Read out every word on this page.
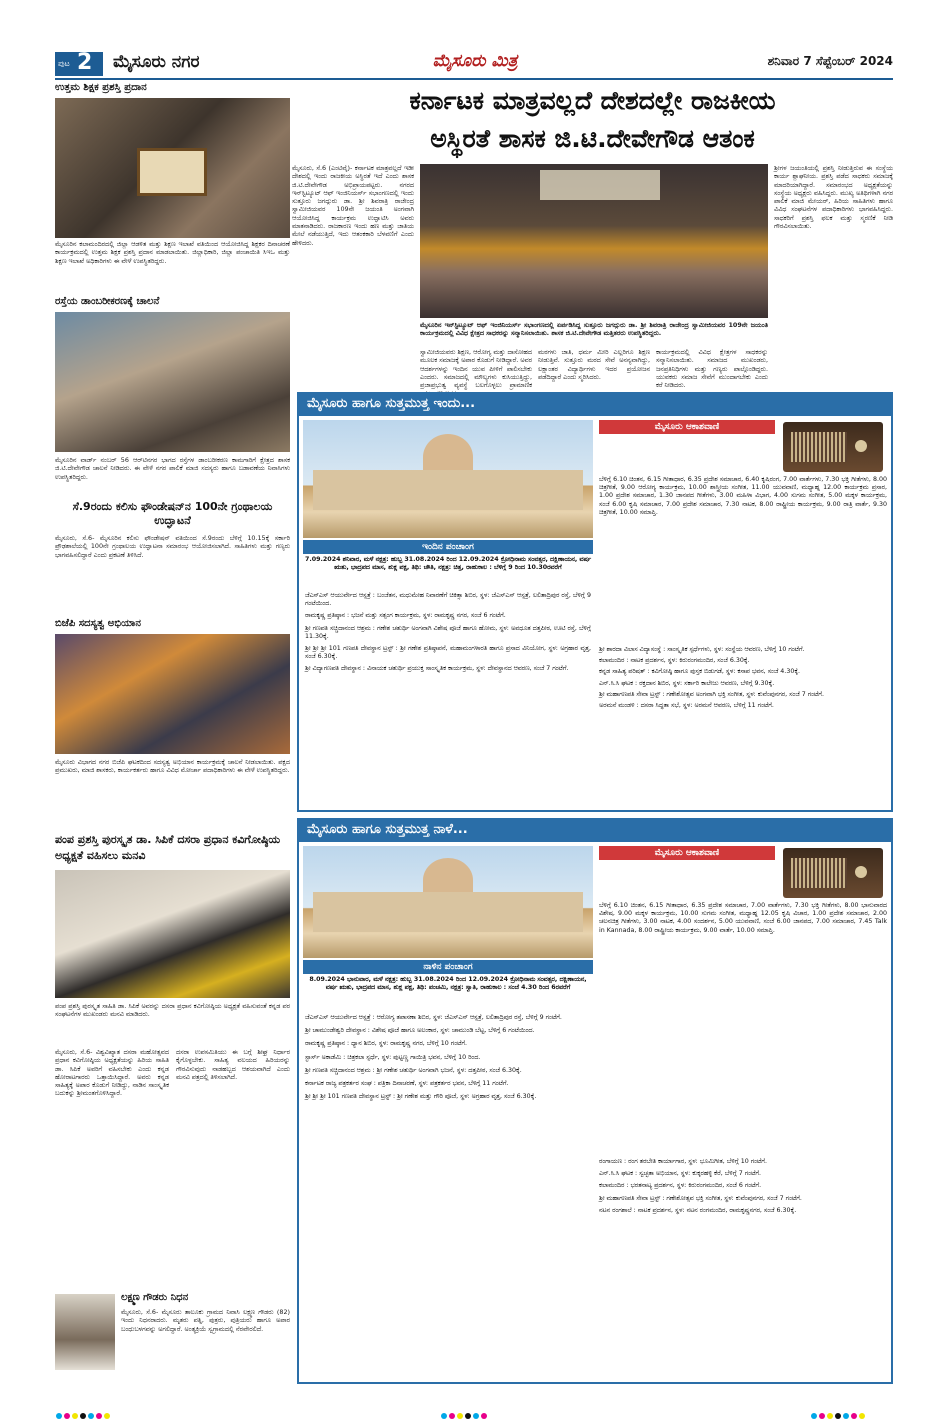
ಪುಟ 2 ಮೈಸೂರು ನಗರ	ಮೈಸೂರು ಮಿತ್ರ	ಶನಿವಾರ 7 ಸೆಪ್ಟೆಂಬರ್ 2024
ಉತ್ತಮ ಶಿಕ್ಷಕ ಪ್ರಶಸ್ತಿ ಪ್ರದಾನ
ಮೈಸೂರಿನ ಕಲಾಮಂದಿರದಲ್ಲಿ ಜಿಲ್ಲಾ ಆಡಳಿತ ಮತ್ತು ಶಿಕ್ಷಣ ಇಲಾಖೆ ವತಿಯಿಂದ ಆಯೋಜಿಸಿದ್ದ ಶಿಕ್ಷಕರ ದಿನಾಚರಣೆ ಕಾರ್ಯಕ್ರಮದಲ್ಲಿ ಉತ್ತಮ ಶಿಕ್ಷಕ ಪ್ರಶಸ್ತಿ ಪ್ರದಾನ ಮಾಡಲಾಯಿತು. ಜಿಲ್ಲಾಧಿಕಾರಿ, ಜಿಲ್ಲಾ ಪಂಚಾಯಿತಿ ಸಿಇಒ ಮತ್ತು ಶಿಕ್ಷಣ ಇಲಾಖೆ ಅಧಿಕಾರಿಗಳು ಈ ವೇಳೆ ಉಪಸ್ಥಿತರಿದ್ದರು.
ರಸ್ತೆಯ ಡಾಂಬರೀಕರಣಕ್ಕೆ ಚಾಲನೆ
ಮೈಸೂರಿನ ವಾರ್ಡ್ ನಂಬರ್ 56 ಆರ್‌ಟಿನಗರ ಭಾಗದ ರಸ್ತೆಗಳ ಡಾಂಬರೀಕರಣ ಕಾಮಗಾರಿಗೆ ಕ್ಷೇತ್ರದ ಶಾಸಕ ಜಿ.ಟಿ.ದೇವೇಗೌಡ ಚಾಲನೆ ನೀಡಿದರು. ಈ ವೇಳೆ ನಗರ ಪಾಲಿಕೆ ಮಾಜಿ ಸದಸ್ಯರು ಹಾಗೂ ಬಡಾವಣೆಯ ನಿವಾಸಿಗಳು ಉಪಸ್ಥಿತರಿದ್ದರು.
ಸೆ.9ರಂದು ಕಲಿಸು ಫೌಂಡೇಷನ್‌ನ 100ನೇ ಗ್ರಂಥಾಲಯ ಉದ್ಘಾಟನೆ
ಮೈಸೂರು, ಸೆ.6- ಮೈಸೂರಿನ ಕಲಿಸು ಫೌಂಡೇಷನ್ ವತಿಯಿಂದ ಸೆ.9ರಂದು ಬೆಳಿಗ್ಗೆ 10.15ಕ್ಕೆ ಸರ್ಕಾರಿ ಪ್ರೌಢಶಾಲೆಯಲ್ಲಿ 100ನೇ ಗ್ರಂಥಾಲಯ ಉದ್ಘಾಟನಾ ಸಮಾರಂಭ ಆಯೋಜಿಸಲಾಗಿದೆ. ಸಾಹಿತಿಗಳು ಮತ್ತು ಗಣ್ಯರು ಭಾಗವಹಿಸಲಿದ್ದಾರೆ ಎಂದು ಪ್ರಕಟಣೆ ತಿಳಿಸಿದೆ.
ಬಿಜೆಪಿ ಸದಸ್ಯತ್ವ ಅಭಿಯಾನ
ಮೈಸೂರು ವಿಭಾಗದ ನಗರ ಬಿಜೆಪಿ ಘಟಕದಿಂದ ಸದಸ್ಯತ್ವ ಅಭಿಯಾನ ಕಾರ್ಯಕ್ರಮಕ್ಕೆ ಚಾಲನೆ ನೀಡಲಾಯಿತು. ಪಕ್ಷದ ಪ್ರಮುಖರು, ಮಾಜಿ ಶಾಸಕರು, ಕಾರ್ಯಕರ್ತರು ಹಾಗೂ ವಿವಿಧ ಮೋರ್ಚಾ ಪದಾಧಿಕಾರಿಗಳು ಈ ವೇಳೆ ಉಪಸ್ಥಿತರಿದ್ದರು.
ಪಂಪ ಪ್ರಶಸ್ತಿ ಪುರಸ್ಕೃತ ಡಾ. ಸಿಪಿಕೆ ದಸರಾ ಪ್ರಧಾನ ಕವಿಗೋಷ್ಠಿಯ ಅಧ್ಯಕ್ಷತೆ ವಹಿಸಲು ಮನವಿ
ಪಂಪ ಪ್ರಶಸ್ತಿ ಪುರಸ್ಕೃತ ಸಾಹಿತಿ ಡಾ. ಸಿಪಿಕೆ ಅವರನ್ನು ದಸರಾ ಪ್ರಧಾನ ಕವಿಗೋಷ್ಠಿಯ ಅಧ್ಯಕ್ಷತೆ ವಹಿಸುವಂತೆ ಕನ್ನಡ ಪರ ಸಂಘಟನೆಗಳ ಮುಖಂಡರು ಮನವಿ ಮಾಡಿದರು.
ಮೈಸೂರು, ಸೆ.6- ವಿಶ್ವವಿಖ್ಯಾತ ದಸರಾ ಮಹೋತ್ಸವದ ಪ್ರಧಾನ ಕವಿಗೋಷ್ಠಿಯ ಅಧ್ಯಕ್ಷತೆಯನ್ನು ಹಿರಿಯ ಸಾಹಿತಿ ಡಾ. ಸಿಪಿಕೆ ಅವರಿಗೆ ವಹಿಸಬೇಕು ಎಂದು ಕನ್ನಡ ಹೋರಾಟಗಾರರು ಒತ್ತಾಯಿಸಿದ್ದಾರೆ. ಅವರು ಕನ್ನಡ ಸಾಹಿತ್ಯಕ್ಕೆ ಅಪಾರ ಕೊಡುಗೆ ನೀಡಿದ್ದು, ನಾಡಿನ ಸಾಂಸ್ಕೃತಿಕ ಬದುಕನ್ನು ಶ್ರೀಮಂತಗೊಳಿಸಿದ್ದಾರೆ.
ದಸರಾ ಉಪಸಮಿತಿಯು ಈ ಬಗ್ಗೆ ಶೀಘ್ರ ನಿರ್ಧಾರ ಕೈಗೊಳ್ಳಬೇಕು. ಸಾಹಿತ್ಯ ವಲಯದ ಹಿರಿಯರನ್ನು ಗೌರವಿಸುವುದು ನಾಡಹಬ್ಬದ ಆಶಯವಾಗಿದೆ ಎಂದು ಮನವಿ ಪತ್ರದಲ್ಲಿ ತಿಳಿಸಲಾಗಿದೆ.
ಲಕ್ಷ್ಮಣ ಗೌಡರು ನಿಧನ
ಮೈಸೂರು, ಸೆ.6- ಮೈಸೂರು ತಾಲೂಕು ಗ್ರಾಮದ ನಿವಾಸಿ ಲಕ್ಷ್ಮಣ ಗೌಡರು (82) ಇಂದು ನಿಧನರಾದರು. ಮೃತರು ಪತ್ನಿ, ಪುತ್ರರು, ಪುತ್ರಿಯರು ಹಾಗೂ ಅಪಾರ ಬಂಧುಬಳಗವನ್ನು ಅಗಲಿದ್ದಾರೆ. ಅಂತ್ಯಕ್ರಿಯೆ ಸ್ವಗ್ರಾಮದಲ್ಲಿ ನೆರವೇರಲಿದೆ.
ಕರ್ನಾಟಕ ಮಾತ್ರವಲ್ಲದೆ ದೇಶದಲ್ಲೇ ರಾಜಕೀಯ
ಅಸ್ಥಿರತೆ ಶಾಸಕ ಜಿ.ಟಿ.ದೇವೇಗೌಡ ಆತಂಕ
ಮೈಸೂರು, ಸೆ.6 (ಎಂಟಿವೈ)- ಕರ್ನಾಟಕ ಮಾತ್ರವಲ್ಲದೆ ಇಡೀ ದೇಶದಲ್ಲಿ ಇಂದು ರಾಜಕೀಯ ಅಸ್ಥಿರತೆ ಇದೆ ಎಂದು ಶಾಸಕ ಜಿ.ಟಿ.ದೇವೇಗೌಡ ಅಭಿಪ್ರಾಯಪಟ್ಟರು. ನಗರದ ಇನ್‌ಸ್ಟಿಟ್ಯೂಟ್ ಆಫ್ ಇಂಜಿನಿಯರ್ಸ್ ಸಭಾಂಗಣದಲ್ಲಿ ಇಂದು ಸುತ್ತೂರು ಜಗದ್ಗುರು ಡಾ. ಶ್ರೀ ಶಿವರಾತ್ರಿ ರಾಜೇಂದ್ರ ಸ್ವಾಮೀಜಿಯವರ 109ನೇ ಜಯಂತಿ ಅಂಗವಾಗಿ ಆಯೋಜಿಸಿದ್ದ ಕಾರ್ಯಕ್ರಮ ಉದ್ಘಾಟಿಸಿ ಅವರು ಮಾತನಾಡಿದರು. ರಾಜಕಾರಣ ಇಂದು ಹಣ ಮತ್ತು ಜಾತಿಯ ಮೇಲೆ ನಡೆಯುತ್ತಿದೆ, ಇದು ಆತಂಕಕಾರಿ ಬೆಳವಣಿಗೆ ಎಂದು ಹೇಳಿದರು.
ಮೈಸೂರಿನ ಇನ್‌ಸ್ಟಿಟ್ಯೂಟ್ ಆಫ್ ಇಂಜಿನಿಯರ್ಸ್ ಸಭಾಂಗಣದಲ್ಲಿ ಏರ್ಪಡಿಸಿದ್ದ ಸುತ್ತೂರು ಜಗದ್ಗುರು ಡಾ. ಶ್ರೀ ಶಿವರಾತ್ರಿ ರಾಜೇಂದ್ರ ಸ್ವಾಮೀಜಿಯವರ 109ನೇ ಜಯಂತಿ ಕಾರ್ಯಕ್ರಮದಲ್ಲಿ ವಿವಿಧ ಕ್ಷೇತ್ರದ ಸಾಧಕರನ್ನು ಸನ್ಮಾನಿಸಲಾಯಿತು. ಶಾಸಕ ಜಿ.ಟಿ.ದೇವೇಗೌಡ ಮತ್ತಿತರರು ಉಪಸ್ಥಿತರಿದ್ದರು.
ಸ್ವಾಮೀಜಿಯವರು ಶಿಕ್ಷಣ, ಆರೋಗ್ಯ ಮತ್ತು ದಾಸೋಹದ ಮೂಲಕ ಸಮಾಜಕ್ಕೆ ಅಪಾರ ಕೊಡುಗೆ ನೀಡಿದ್ದಾರೆ. ಅವರ ಆದರ್ಶಗಳನ್ನು ಇಂದಿನ ಯುವ ಪೀಳಿಗೆ ಪಾಲಿಸಬೇಕು ಎಂದರು. ಸಮಾಜದಲ್ಲಿ ಮೌಲ್ಯಗಳು ಕುಸಿಯುತ್ತಿದ್ದು, ಪ್ರಜಾಪ್ರಭುತ್ವ ವ್ಯವಸ್ಥೆ ಬಲಗೊಳ್ಳಲು ಪ್ರಾಮಾಣಿಕ
ಮಠಗಳು ಜಾತಿ, ಧರ್ಮ ಮೀರಿ ಎಲ್ಲರಿಗೂ ಶಿಕ್ಷಣ ನೀಡುತ್ತಿವೆ. ಸುತ್ತೂರು ಮಠದ ಸೇವೆ ಅನನ್ಯವಾಗಿದ್ದು, ಲಕ್ಷಾಂತರ ವಿದ್ಯಾರ್ಥಿಗಳು ಇದರ ಪ್ರಯೋಜನ ಪಡೆದಿದ್ದಾರೆ ಎಂದು ಸ್ಮರಿಸಿದರು.
ಕಾರ್ಯಕ್ರಮದಲ್ಲಿ ವಿವಿಧ ಕ್ಷೇತ್ರಗಳ ಸಾಧಕರನ್ನು ಸನ್ಮಾನಿಸಲಾಯಿತು. ಸಮಾಜದ ಮುಖಂಡರು, ಜನಪ್ರತಿನಿಧಿಗಳು ಮತ್ತು ಗಣ್ಯರು ಪಾಲ್ಗೊಂಡಿದ್ದರು. ಯುವಕರು ಸಮಾಜ ಸೇವೆಗೆ ಮುಂದಾಗಬೇಕು ಎಂದು ಕರೆ ನೀಡಿದರು.
ಶ್ರೀಗಳ ಜಯಂತಿಯಲ್ಲಿ ಪ್ರಶಸ್ತಿ ನೀಡುತ್ತಿರುವ ಈ ಸಂಸ್ಥೆಯ ಕಾರ್ಯ ಶ್ಲಾಘನೀಯ. ಪ್ರಶಸ್ತಿ ಪಡೆದ ಸಾಧಕರು ಸಮಾಜಕ್ಕೆ ಮಾದರಿಯಾಗಿದ್ದಾರೆ. ಸಮಾರಂಭದ ಅಧ್ಯಕ್ಷತೆಯನ್ನು ಸಂಸ್ಥೆಯ ಅಧ್ಯಕ್ಷರು ವಹಿಸಿದ್ದರು. ಮುಖ್ಯ ಅತಿಥಿಗಳಾಗಿ ನಗರ ಪಾಲಿಕೆ ಮಾಜಿ ಮೇಯರ್, ಹಿರಿಯ ಸಾಹಿತಿಗಳು ಹಾಗೂ ವಿವಿಧ ಸಂಘಟನೆಗಳ ಪದಾಧಿಕಾರಿಗಳು ಭಾಗವಹಿಸಿದ್ದರು. ಸಾಧಕರಿಗೆ ಪ್ರಶಸ್ತಿ ಫಲಕ ಮತ್ತು ಸ್ಮರಣಿಕೆ ನೀಡಿ ಗೌರವಿಸಲಾಯಿತು.
ಮೈಸೂರು ಹಾಗೂ ಸುತ್ತಮುತ್ತ ಇಂದು...
ಇಂದಿನ ಪಂಚಾಂಗ
7.09.2024 ಶನಿವಾರ, ಮಳೆ ನಕ್ಷತ್ರ: ಹುಬ್ಬ 31.08.2024 ರಿಂದ 12.09.2024 ಕ್ರೋಧಿನಾಮ ಸಂವತ್ಸರ, ದಕ್ಷಿಣಾಯನ, ವರ್ಷ ಋತು, ಭಾದ್ರಪದ ಮಾಸ, ಶುಕ್ಲ ಪಕ್ಷ, ತಿಥಿ: ಚೌತಿ, ನಕ್ಷತ್ರ: ಚಿತ್ತ, ರಾಹುಕಾಲ : ಬೆಳಿಗ್ಗೆ 9 ರಿಂದ 10.30ರವರೆಗೆ
ಜೆಎಸ್‌ಎಸ್ ಆಯುರ್ವೇದ ಆಸ್ಪತ್ರೆ : ಬಂಜೆತನ, ಮಧುಮೇಹ ನಿವಾರಣೆಗೆ ಚಿಕಿತ್ಸಾ ಶಿಬಿರ, ಸ್ಥಳ: ಜೆಎಸ್‌ಎಸ್ ಆಸ್ಪತ್ರೆ, ಲಲಿತಾದ್ರಿಪುರ ರಸ್ತೆ, ಬೆಳಿಗ್ಗೆ 9 ಗಂಟೆಯಿಂದ.
ರಾಮಕೃಷ್ಣ ಪ್ರತಿಷ್ಠಾನ : ಭಜನೆ ಮತ್ತು ಸತ್ಸಂಗ ಕಾರ್ಯಕ್ರಮ, ಸ್ಥಳ: ರಾಮಕೃಷ್ಣ ನಗರ, ಸಂಜೆ 6 ಗಂಟೆಗೆ.
ಶ್ರೀ ಗಣಪತಿ ಸಚ್ಚಿದಾನಂದ ಆಶ್ರಮ : ಗಣೇಶ ಚತುರ್ಥಿ ಅಂಗವಾಗಿ ವಿಶೇಷ ಪೂಜೆ ಹಾಗೂ ಹೋಮ, ಸ್ಥಳ: ಅವಧೂತ ದತ್ತಪೀಠ, ಊಟಿ ರಸ್ತೆ, ಬೆಳಿಗ್ಗೆ 11.30ಕ್ಕೆ.
ಶ್ರೀ ಶ್ರೀ ಶ್ರೀ 101 ಗಣಪತಿ ದೇವಸ್ಥಾನ ಟ್ರಸ್ಟ್ : ಶ್ರೀ ಗಣೇಶ ಪ್ರತಿಷ್ಠಾಪನೆ, ಮಹಾಮಂಗಳಾರತಿ ಹಾಗೂ ಪ್ರಸಾದ ವಿನಿಯೋಗ, ಸ್ಥಳ: ಅಗ್ರಹಾರ ವೃತ್ತ, ಸಂಜೆ 6.30ಕ್ಕೆ.
ಶ್ರೀ ವಿದ್ಯಾಗಣಪತಿ ದೇವಸ್ಥಾನ : ವಿನಾಯಕ ಚತುರ್ಥಿ ಪ್ರಯುಕ್ತ ಸಾಂಸ್ಕೃತಿಕ ಕಾರ್ಯಕ್ರಮ, ಸ್ಥಳ: ದೇವಸ್ಥಾನದ ಆವರಣ, ಸಂಜೆ 7 ಗಂಟೆಗೆ.
ಮೈಸೂರು ಆಕಾಶವಾಣಿ
ಬೆಳಿಗ್ಗೆ 6.10 ಚಿಂತನ, 6.15 ಗೀತಾಧಾರ, 6.35 ಪ್ರದೇಶ ಸಮಾಚಾರ, 6.40 ಕೃಷಿರಂಗ, 7.00 ವಾರ್ತೆಗಳು, 7.30 ಭಕ್ತಿ ಗೀತೆಗಳು, 8.00 ಚಿತ್ರಗೀತೆ, 9.00 ಆರೋಗ್ಯ ಕಾರ್ಯಕ್ರಮ, 10.00 ಶಾಸ್ತ್ರೀಯ ಸಂಗೀತ, 11.00 ಯುವವಾಣಿ, ಮಧ್ಯಾಹ್ನ 12.00 ಕಾರ್ಯಕ್ರಮ ಪ್ರಸಾರ, 1.00 ಪ್ರದೇಶ ಸಮಾಚಾರ, 1.30 ಜಾನಪದ ಗೀತೆಗಳು, 3.00 ಮಹಿಳಾ ವಿಭಾಗ, 4.00 ಸುಗಮ ಸಂಗೀತ, 5.00 ಮಕ್ಕಳ ಕಾರ್ಯಕ್ರಮ, ಸಂಜೆ 6.00 ಕೃಷಿ ಸಮಾಚಾರ, 7.00 ಪ್ರದೇಶ ಸಮಾಚಾರ, 7.30 ನಾಟಕ, 8.00 ರಾಷ್ಟ್ರೀಯ ಕಾರ್ಯಕ್ರಮ, 9.00 ರಾತ್ರಿ ವಾರ್ತೆ, 9.30 ಚಿತ್ರಗೀತೆ, 10.00 ಸಮಾಪ್ತಿ.
ಶ್ರೀ ಶಾರದಾ ವಿಲಾಸ ವಿದ್ಯಾಸಂಸ್ಥೆ : ಸಾಂಸ್ಕೃತಿಕ ಸ್ಪರ್ಧೆಗಳು, ಸ್ಥಳ: ಸಂಸ್ಥೆಯ ಆವರಣ, ಬೆಳಿಗ್ಗೆ 10 ಗಂಟೆಗೆ.
ಕಲಾಮಂದಿರ : ನಾಟಕ ಪ್ರದರ್ಶನ, ಸ್ಥಳ: ಕಿರುರಂಗಮಂದಿರ, ಸಂಜೆ 6.30ಕ್ಕೆ.
ಕನ್ನಡ ಸಾಹಿತ್ಯ ಪರಿಷತ್ : ಕವಿಗೋಷ್ಠಿ ಹಾಗೂ ಪುಸ್ತಕ ಬಿಡುಗಡೆ, ಸ್ಥಳ: ಕಸಾಪ ಭವನ, ಸಂಜೆ 4.30ಕ್ಕೆ.
ಎನ್.ಸಿ.ಸಿ ಘಟಕ : ರಕ್ತದಾನ ಶಿಬಿರ, ಸ್ಥಳ: ಸರ್ಕಾರಿ ಕಾಲೇಜು ಆವರಣ, ಬೆಳಿಗ್ಗೆ 9.30ಕ್ಕೆ.
ಶ್ರೀ ಮಹಾಗಣಪತಿ ಸೇವಾ ಟ್ರಸ್ಟ್ : ಗಣೇಶೋತ್ಸವ ಅಂಗವಾಗಿ ಭಕ್ತಿ ಸಂಗೀತ, ಸ್ಥಳ: ಕುವೆಂಪುನಗರ, ಸಂಜೆ 7 ಗಂಟೆಗೆ.
ಅರಮನೆ ಮಂಡಳಿ : ದಸರಾ ಸಿದ್ಧತಾ ಸಭೆ, ಸ್ಥಳ: ಅರಮನೆ ಆವರಣ, ಬೆಳಿಗ್ಗೆ 11 ಗಂಟೆಗೆ.
ಮೈಸೂರು ಹಾಗೂ ಸುತ್ತಮುತ್ತ ನಾಳೆ...
ನಾಳಿನ ಪಂಚಾಂಗ
8.09.2024 ಭಾನುವಾರ, ಮಳೆ ನಕ್ಷತ್ರ: ಹುಬ್ಬ 31.08.2024 ರಿಂದ 12.09.2024 ಕ್ರೋಧಿನಾಮ ಸಂವತ್ಸರ, ದಕ್ಷಿಣಾಯನ, ವರ್ಷ ಋತು, ಭಾದ್ರಪದ ಮಾಸ, ಶುಕ್ಲ ಪಕ್ಷ, ತಿಥಿ: ಪಂಚಮಿ, ನಕ್ಷತ್ರ: ಸ್ವಾತಿ, ರಾಹುಕಾಲ : ಸಂಜೆ 4.30 ರಿಂದ 6ರವರೆಗೆ
ಜೆಎಸ್‌ಎಸ್ ಆಯುರ್ವೇದ ಆಸ್ಪತ್ರೆ : ಆರೋಗ್ಯ ತಪಾಸಣಾ ಶಿಬಿರ, ಸ್ಥಳ: ಜೆಎಸ್‌ಎಸ್ ಆಸ್ಪತ್ರೆ, ಲಲಿತಾದ್ರಿಪುರ ರಸ್ತೆ, ಬೆಳಿಗ್ಗೆ 9 ಗಂಟೆಗೆ.
ಶ್ರೀ ಚಾಮುಂಡೇಶ್ವರಿ ದೇವಸ್ಥಾನ : ವಿಶೇಷ ಪೂಜೆ ಹಾಗೂ ಅಲಂಕಾರ, ಸ್ಥಳ: ಚಾಮುಂಡಿ ಬೆಟ್ಟ, ಬೆಳಿಗ್ಗೆ 6 ಗಂಟೆಯಿಂದ.
ರಾಮಕೃಷ್ಣ ಪ್ರತಿಷ್ಠಾನ : ಧ್ಯಾನ ಶಿಬಿರ, ಸ್ಥಳ: ರಾಮಕೃಷ್ಣ ನಗರ, ಬೆಳಿಗ್ಗೆ 10 ಗಂಟೆಗೆ.
ಸ್ಟಾರ್ಸ್ ಅಕಾಡೆಮಿ : ಚಿತ್ರಕಲಾ ಸ್ಪರ್ಧೆ, ಸ್ಥಳ: ಪುಟ್ಟಣ್ಣ ಗಾಯಿತ್ರಿ ಭವನ, ಬೆಳಿಗ್ಗೆ 10 ರಿಂದ.
ಶ್ರೀ ಗಣಪತಿ ಸಚ್ಚಿದಾನಂದ ಆಶ್ರಮ : ಶ್ರೀ ಗಣೇಶ ಚತುರ್ಥಿ ಅಂಗವಾಗಿ ಭಜನೆ, ಸ್ಥಳ: ದತ್ತಪೀಠ, ಸಂಜೆ 6.30ಕ್ಕೆ.
ಕರ್ನಾಟಕ ರಾಜ್ಯ ಪತ್ರಕರ್ತರ ಸಂಘ : ಪತ್ರಿಕಾ ದಿನಾಚರಣೆ, ಸ್ಥಳ: ಪತ್ರಕರ್ತರ ಭವನ, ಬೆಳಿಗ್ಗೆ 11 ಗಂಟೆಗೆ.
ಶ್ರೀ ಶ್ರೀ ಶ್ರೀ 101 ಗಣಪತಿ ದೇವಸ್ಥಾನ ಟ್ರಸ್ಟ್ : ಶ್ರೀ ಗಣೇಶ ಮತ್ತು ಗೌರಿ ಪೂಜೆ, ಸ್ಥಳ: ಅಗ್ರಹಾರ ವೃತ್ತ, ಸಂಜೆ 6.30ಕ್ಕೆ.
ಮೈಸೂರು ಆಕಾಶವಾಣಿ
ಬೆಳಿಗ್ಗೆ 6.10 ಚಿಂತನ, 6.15 ಗೀತಾಧಾರ, 6.35 ಪ್ರದೇಶ ಸಮಾಚಾರ, 7.00 ವಾರ್ತೆಗಳು, 7.30 ಭಕ್ತಿ ಗೀತೆಗಳು, 8.00 ಭಾನುವಾರದ ವಿಶೇಷ, 9.00 ಮಕ್ಕಳ ಕಾರ್ಯಕ್ರಮ, 10.00 ಸುಗಮ ಸಂಗೀತ, ಮಧ್ಯಾಹ್ನ 12.05 ಕೃಷಿ ವಿಚಾರ, 1.00 ಪ್ರದೇಶ ಸಮಾಚಾರ, 2.00 ಚಲನಚಿತ್ರ ಗೀತೆಗಳು, 3.00 ನಾಟಕ, 4.00 ಸಂದರ್ಶನ, 5.00 ಯುವವಾಣಿ, ಸಂಜೆ 6.00 ಜಾನಪದ, 7.00 ಸಮಾಚಾರ, 7.45 Talk in Kannada, 8.00 ರಾಷ್ಟ್ರೀಯ ಕಾರ್ಯಕ್ರಮ, 9.00 ವಾರ್ತೆ, 10.00 ಸಮಾಪ್ತಿ.
ರಂಗಾಯಣ : ರಂಗ ತರಬೇತಿ ಕಾರ್ಯಾಗಾರ, ಸ್ಥಳ: ಭೂಮಿಗೀತ, ಬೆಳಿಗ್ಗೆ 10 ಗಂಟೆಗೆ.
ಎನ್.ಸಿ.ಸಿ ಘಟಕ : ಸ್ವಚ್ಛತಾ ಅಭಿಯಾನ, ಸ್ಥಳ: ಕುಕ್ಕರಹಳ್ಳಿ ಕೆರೆ, ಬೆಳಿಗ್ಗೆ 7 ಗಂಟೆಗೆ.
ಕಲಾಮಂದಿರ : ಭರತನಾಟ್ಯ ಪ್ರದರ್ಶನ, ಸ್ಥಳ: ಕಿರುರಂಗಮಂದಿರ, ಸಂಜೆ 6 ಗಂಟೆಗೆ.
ಶ್ರೀ ಮಹಾಗಣಪತಿ ಸೇವಾ ಟ್ರಸ್ಟ್ : ಗಣೇಶೋತ್ಸವ ಭಕ್ತಿ ಸಂಗೀತ, ಸ್ಥಳ: ಕುವೆಂಪುನಗರ, ಸಂಜೆ 7 ಗಂಟೆಗೆ.
ನಟನ ರಂಗಶಾಲೆ : ನಾಟಕ ಪ್ರದರ್ಶನ, ಸ್ಥಳ: ನಟನ ರಂಗಮಂದಿರ, ರಾಮಕೃಷ್ಣನಗರ, ಸಂಜೆ 6.30ಕ್ಕೆ.
